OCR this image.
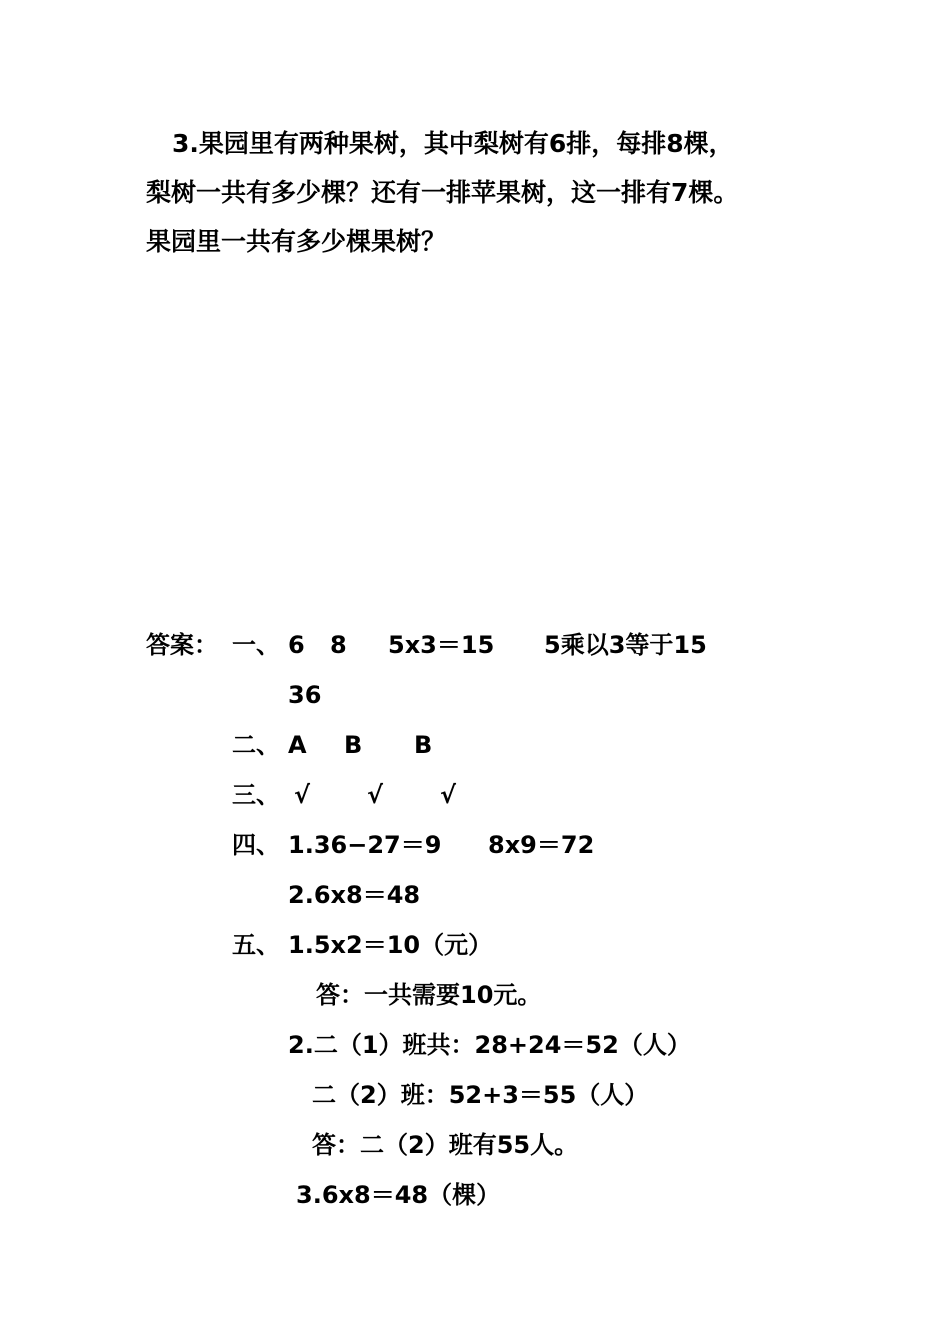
3.果园里有两种果树，其中梨树有6排，每排8棵，
梨树一共有多少棵？还有一排苹果树，这一排有7棵。
果园里一共有多少棵果树？
答案： 一、 6 8 5x3＝15 5乘以3等于15
36
二、 A B B
三、 √ √ √
四、 1.36−27＝9 8x9＝72
2.6x8＝48
五、 1.5x2＝10（元）
答：一共需要10元。
2.二（1）班共：28+24＝52（人）
二（2）班：52+3＝55（人）
答：二（2）班有55人。
3.6x8＝48（棵）
